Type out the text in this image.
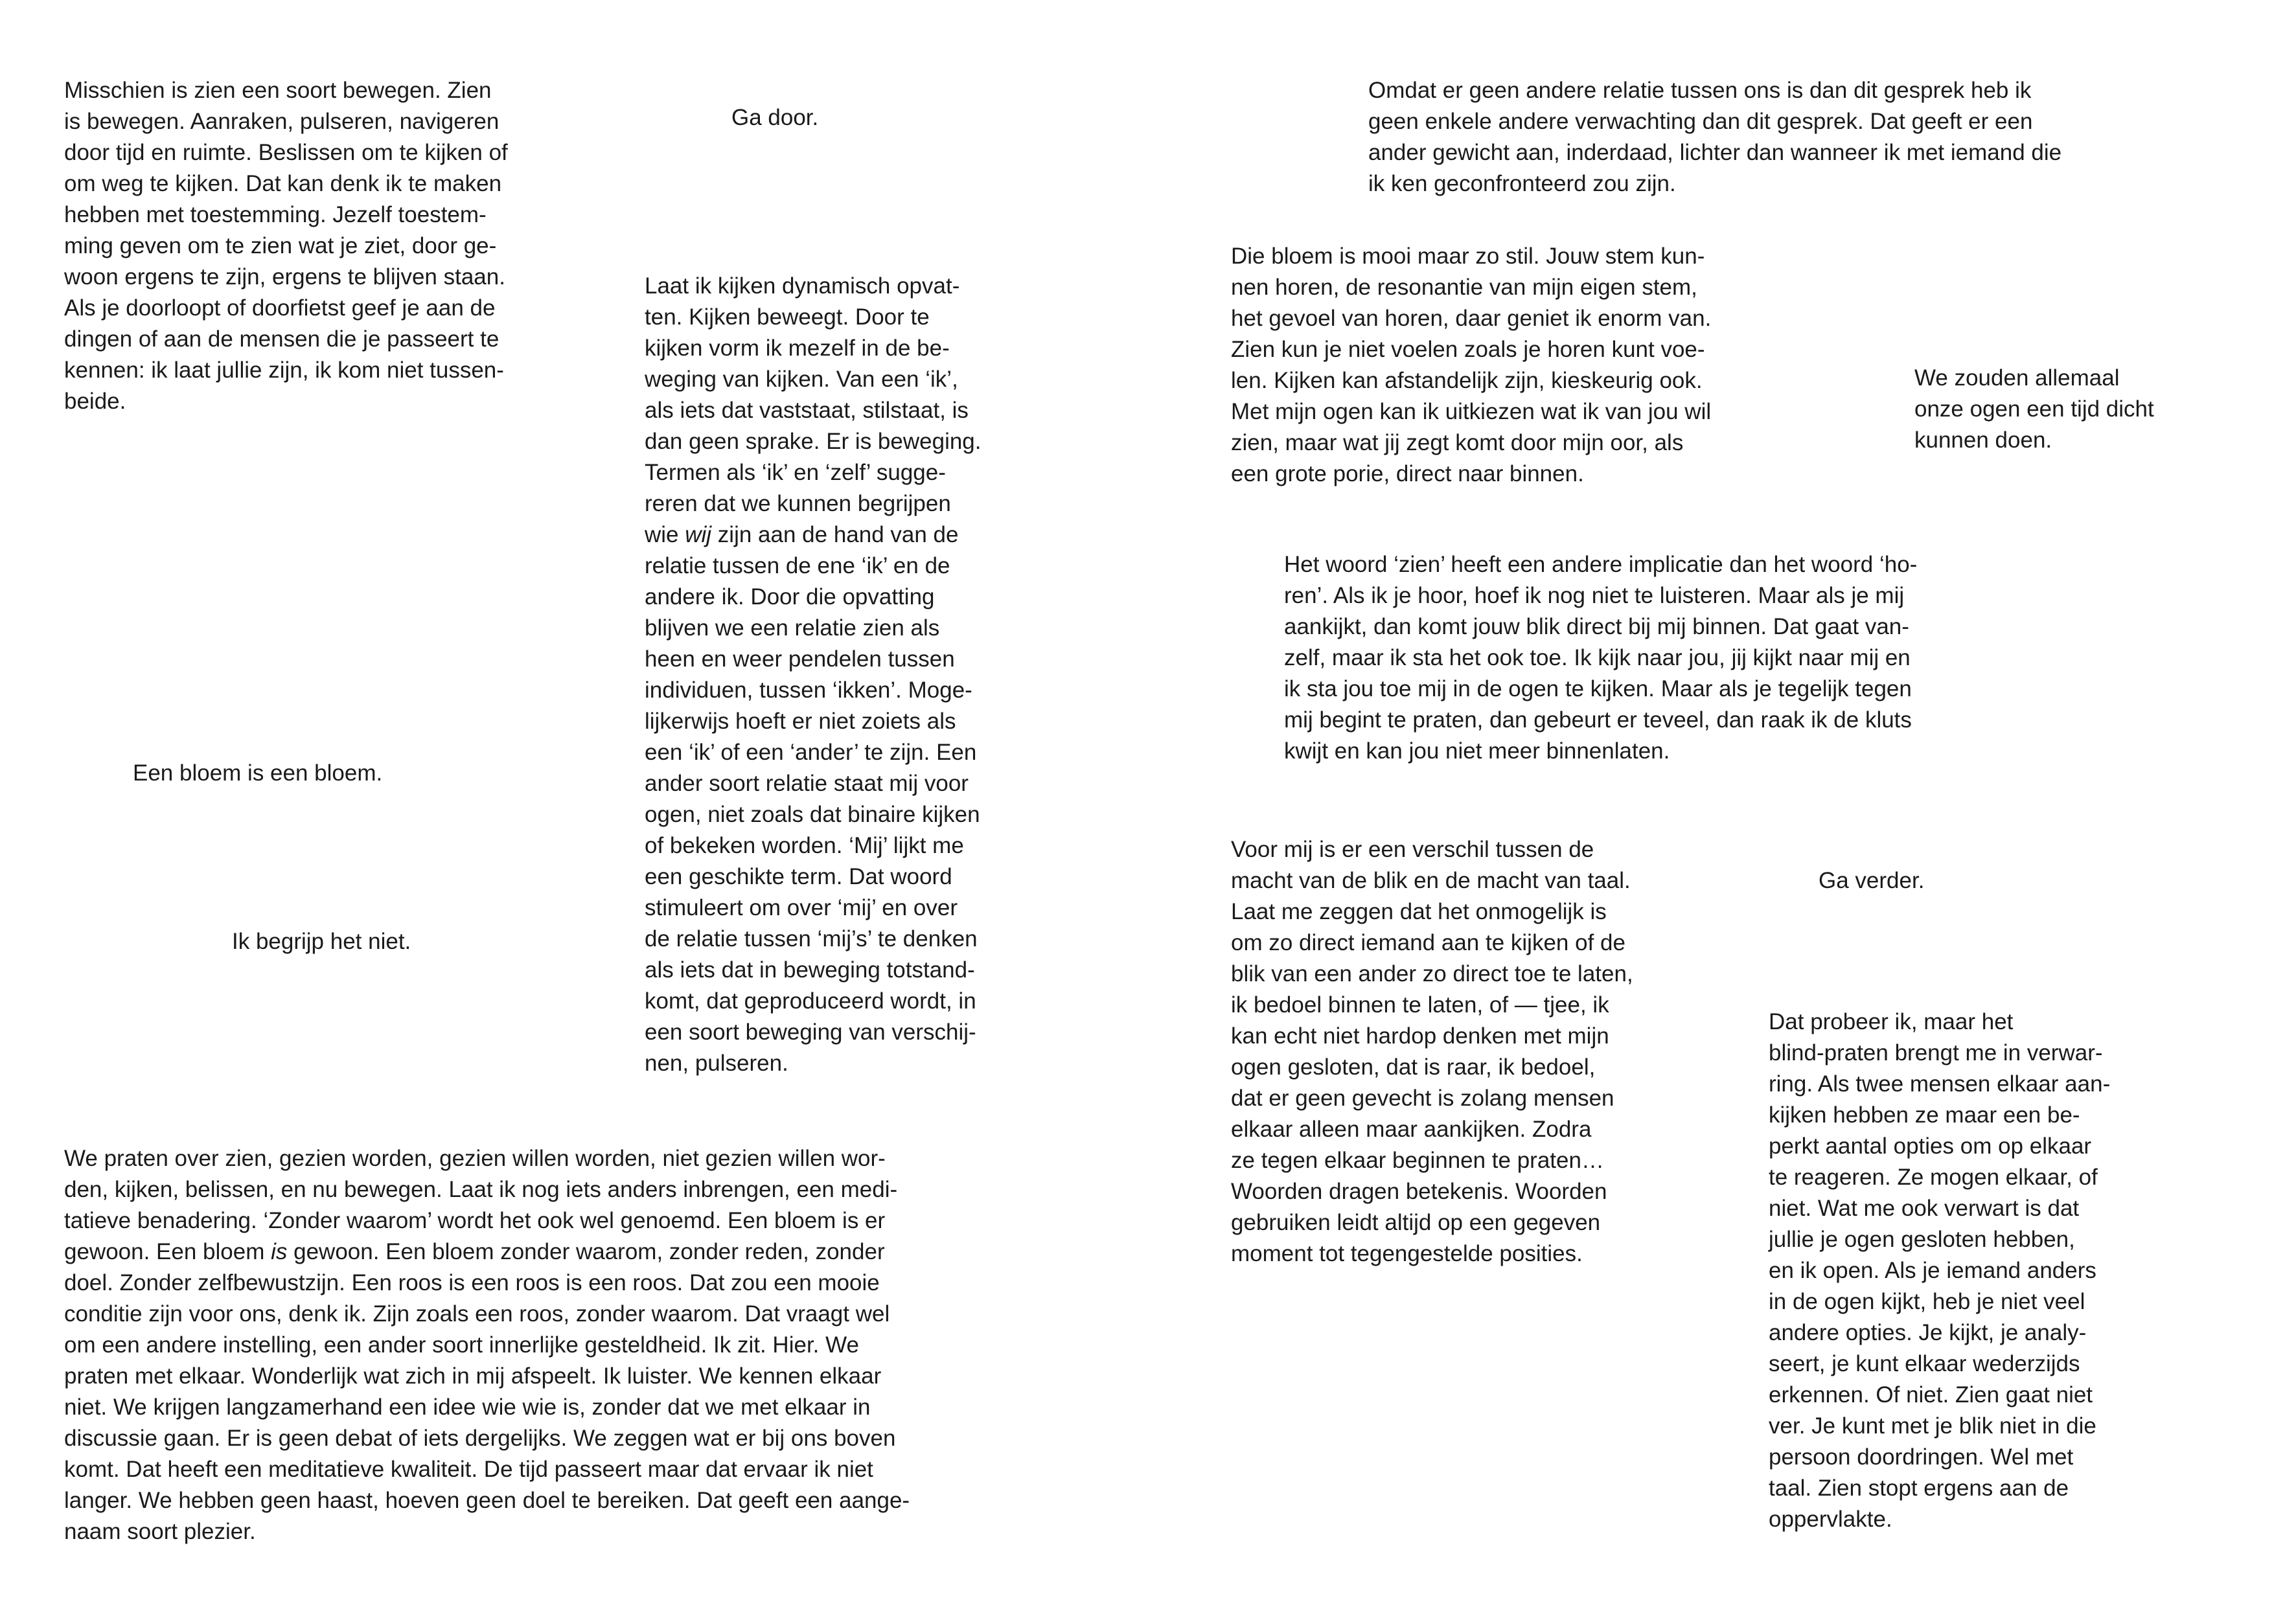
Misschien is zien een soort bewegen. Zien
is bewegen. Aanraken, pulseren, navigeren
door tijd en ruimte. Beslissen om te kijken of
om weg te kijken. Dat kan denk ik te maken
hebben met toestemming. Jezelf toestem-
ming geven om te zien wat je ziet, door ge-
woon ergens te zijn, ergens te blijven staan.
Als je doorloopt of doorfietst geef je aan de
dingen of aan de mensen die je passeert te
kennen: ik laat jullie zijn, ik kom niet tussen-
beide.
Ga door.
Laat ik kijken dynamisch opvat-
ten. Kijken beweegt. Door te
kijken vorm ik mezelf in de be-
weging van kijken. Van een ‘ik’,
als iets dat vaststaat, stilstaat, is
dan geen sprake. Er is beweging.
Termen als ‘ik’ en ‘zelf’ sugge-
reren dat we kunnen begrijpen
wie wij zijn aan de hand van de
relatie tussen de ene ‘ik’ en de
andere ik. Door die opvatting
blijven we een relatie zien als
heen en weer pendelen tussen
individuen, tussen ‘ikken’. Moge-
lijkerwijs hoeft er niet zoiets als
een ‘ik’ of een ‘ander’ te zijn. Een
ander soort relatie staat mij voor
ogen, niet zoals dat binaire kijken
of bekeken worden. ‘Mij’ lijkt me
een geschikte term. Dat woord
stimuleert om over ‘mij’ en over
de relatie tussen ‘mij’s’ te denken
als iets dat in beweging totstand-
komt, dat geproduceerd wordt, in
een soort beweging van verschij-
nen, pulseren.
Een bloem is een bloem.
Ik begrijp het niet.
We praten over zien, gezien worden, gezien willen worden, niet gezien willen wor-
den, kijken, belissen, en nu bewegen. Laat ik nog iets anders inbrengen, een medi-
tatieve benadering. ‘Zonder waarom’ wordt het ook wel genoemd. Een bloem is er
gewoon. Een bloem is gewoon. Een bloem zonder waarom, zonder reden, zonder
doel. Zonder zelfbewustzijn. Een roos is een roos is een roos. Dat zou een mooie
conditie zijn voor ons, denk ik. Zijn zoals een roos, zonder waarom. Dat vraagt wel
om een andere instelling, een ander soort innerlijke gesteldheid. Ik zit. Hier. We
praten met elkaar. Wonderlijk wat zich in mij afspeelt. Ik luister. We kennen elkaar
niet. We krijgen langzamerhand een idee wie wie is, zonder dat we met elkaar in
discussie gaan. Er is geen debat of iets dergelijks. We zeggen wat er bij ons boven
komt. Dat heeft een meditatieve kwaliteit. De tijd passeert maar dat ervaar ik niet
langer. We hebben geen haast, hoeven geen doel te bereiken. Dat geeft een aange-
naam soort plezier.
Omdat er geen andere relatie tussen ons is dan dit gesprek heb ik
geen enkele andere verwachting dan dit gesprek. Dat geeft er een
ander gewicht aan, inderdaad, lichter dan wanneer ik met iemand die
ik ken geconfronteerd zou zijn.
Die bloem is mooi maar zo stil. Jouw stem kun-
nen horen, de resonantie van mijn eigen stem,
het gevoel van horen, daar geniet ik enorm van.
Zien kun je niet voelen zoals je horen kunt voe-
len. Kijken kan afstandelijk zijn, kieskeurig ook.
Met mijn ogen kan ik uitkiezen wat ik van jou wil
zien, maar wat jij zegt komt door mijn oor, als
een grote porie, direct naar binnen.
We zouden allemaal
onze ogen een tijd dicht
kunnen doen.
Het woord ‘zien’ heeft een andere implicatie dan het woord ‘ho-
ren’. Als ik je hoor, hoef ik nog niet te luisteren. Maar als je mij
aankijkt, dan komt jouw blik direct bij mij binnen. Dat gaat van-
zelf, maar ik sta het ook toe. Ik kijk naar jou, jij kijkt naar mij en
ik sta jou toe mij in de ogen te kijken. Maar als je tegelijk tegen
mij begint te praten, dan gebeurt er teveel, dan raak ik de kluts
kwijt en kan jou niet meer binnenlaten.
Voor mij is er een verschil tussen de
macht van de blik en de macht van taal.
Laat me zeggen dat het onmogelijk is
om zo direct iemand aan te kijken of de
blik van een ander zo direct toe te laten,
ik bedoel binnen te laten, of — tjee, ik
kan echt niet hardop denken met mijn
ogen gesloten, dat is raar, ik bedoel,
dat er geen gevecht is zolang mensen
elkaar alleen maar aankijken. Zodra
ze tegen elkaar beginnen te praten…
Woorden dragen betekenis. Woorden
gebruiken leidt altijd op een gegeven
moment tot tegengestelde posities.
Ga verder.
Dat probeer ik, maar het
blind-praten brengt me in verwar-
ring. Als twee mensen elkaar aan-
kijken hebben ze maar een be-
perkt aantal opties om op elkaar
te reageren. Ze mogen elkaar, of
niet. Wat me ook verwart is dat
jullie je ogen gesloten hebben,
en ik open. Als je iemand anders
in de ogen kijkt, heb je niet veel
andere opties. Je kijkt, je analy-
seert, je kunt elkaar wederzijds
erkennen. Of niet. Zien gaat niet
ver. Je kunt met je blik niet in die
persoon doordringen. Wel met
taal. Zien stopt ergens aan de
oppervlakte.
